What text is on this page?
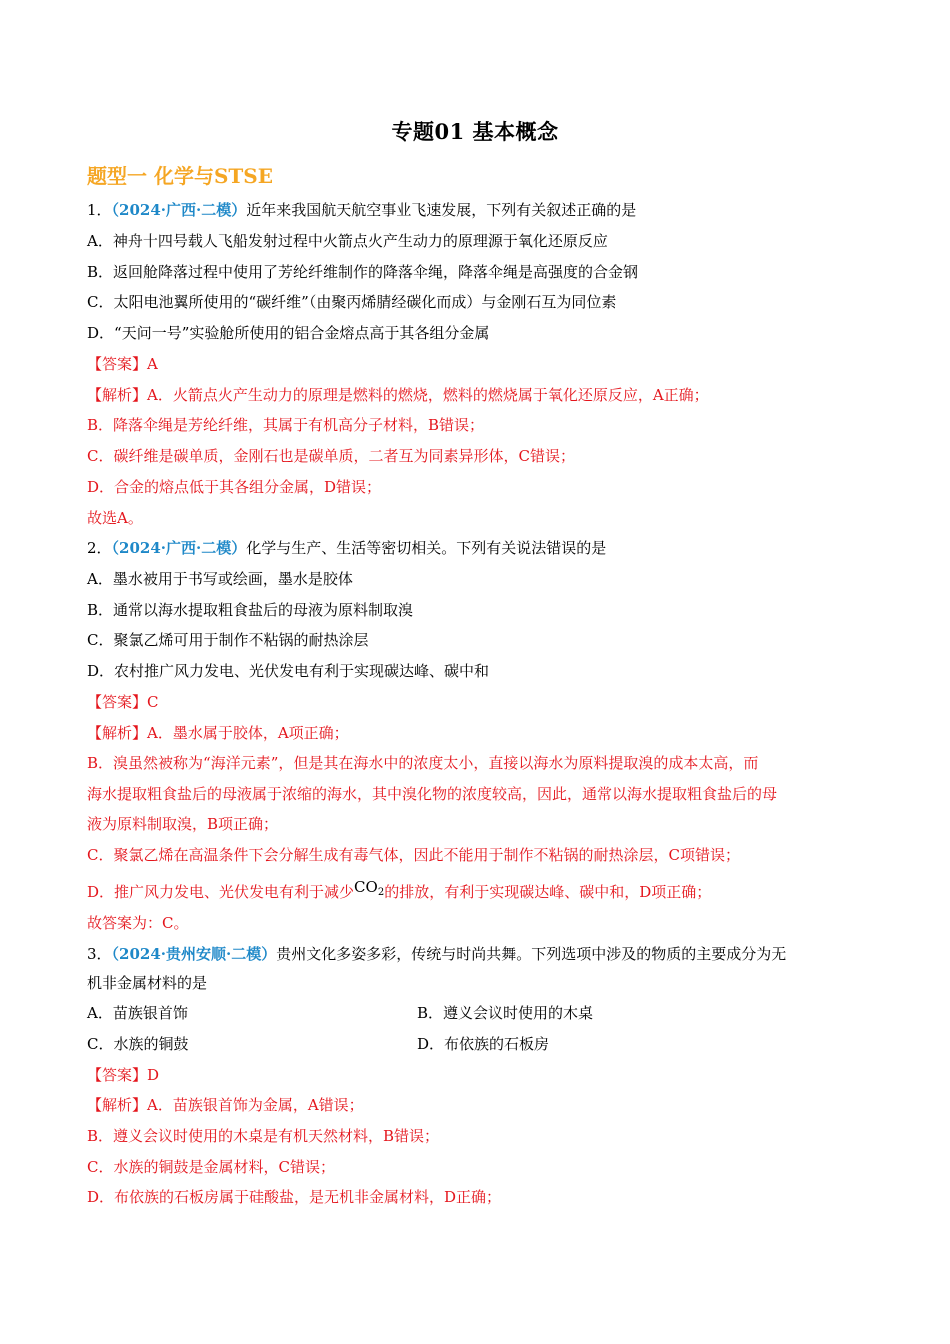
专题01 基本概念
题型一 化学与STSE
1．（2024·广西·二模）近年来我国航天航空事业飞速发展，下列有关叙述正确的是
A．神舟十四号载人飞船发射过程中火箭点火产生动力的原理源于氧化还原反应
B．返回舱降落过程中使用了芳纶纤维制作的降落伞绳，降落伞绳是高强度的合金钢
C．太阳电池翼所使用的“碳纤维”（由聚丙烯腈经碳化而成）与金刚石互为同位素
D．“天问一号”实验舱所使用的铝合金熔点高于其各组分金属
【答案】A
【解析】A．火箭点火产生动力的原理是燃料的燃烧，燃料的燃烧属于氧化还原反应，A正确；
B．降落伞绳是芳纶纤维，其属于有机高分子材料，B错误；
C．碳纤维是碳单质，金刚石也是碳单质，二者互为同素异形体，C错误；
D．合金的熔点低于其各组分金属，D错误；
故选A。
2．（2024·广西·二模）化学与生产、生活等密切相关。下列有关说法错误的是
A．墨水被用于书写或绘画，墨水是胶体
B．通常以海水提取粗食盐后的母液为原料制取溴
C．聚氯乙烯可用于制作不粘锅的耐热涂层
D．农村推广风力发电、光伏发电有利于实现碳达峰、碳中和
【答案】C
【解析】A．墨水属于胶体，A项正确；
B．溴虽然被称为“海洋元素”，但是其在海水中的浓度太小，直接以海水为原料提取溴的成本太高，而
海水提取粗食盐后的母液属于浓缩的海水，其中溴化物的浓度较高，因此，通常以海水提取粗食盐后的母
液为原料制取溴，B项正确；
C．聚氯乙烯在高温条件下会分解生成有毒气体，因此不能用于制作不粘锅的耐热涂层，C项错误；
D．推广风力发电、光伏发电有利于减少$CO_2$的排放，有利于实现碳达峰、碳中和，D项正确；
故答案为：C。
3．（2024·贵州安顺·二模）贵州文化多姿多彩，传统与时尚共舞。下列选项中涉及的物质的主要成分为无
机非金属材料的是
A．苗族银首饰	B．遵义会议时使用的木桌
C．水族的铜鼓	D．布依族的石板房
【答案】D
【解析】A．苗族银首饰为金属，A错误；
B．遵义会议时使用的木桌是有机天然材料，B错误；
C．水族的铜鼓是金属材料，C错误；
D．布依族的石板房属于硅酸盐，是无机非金属材料，D正确；
